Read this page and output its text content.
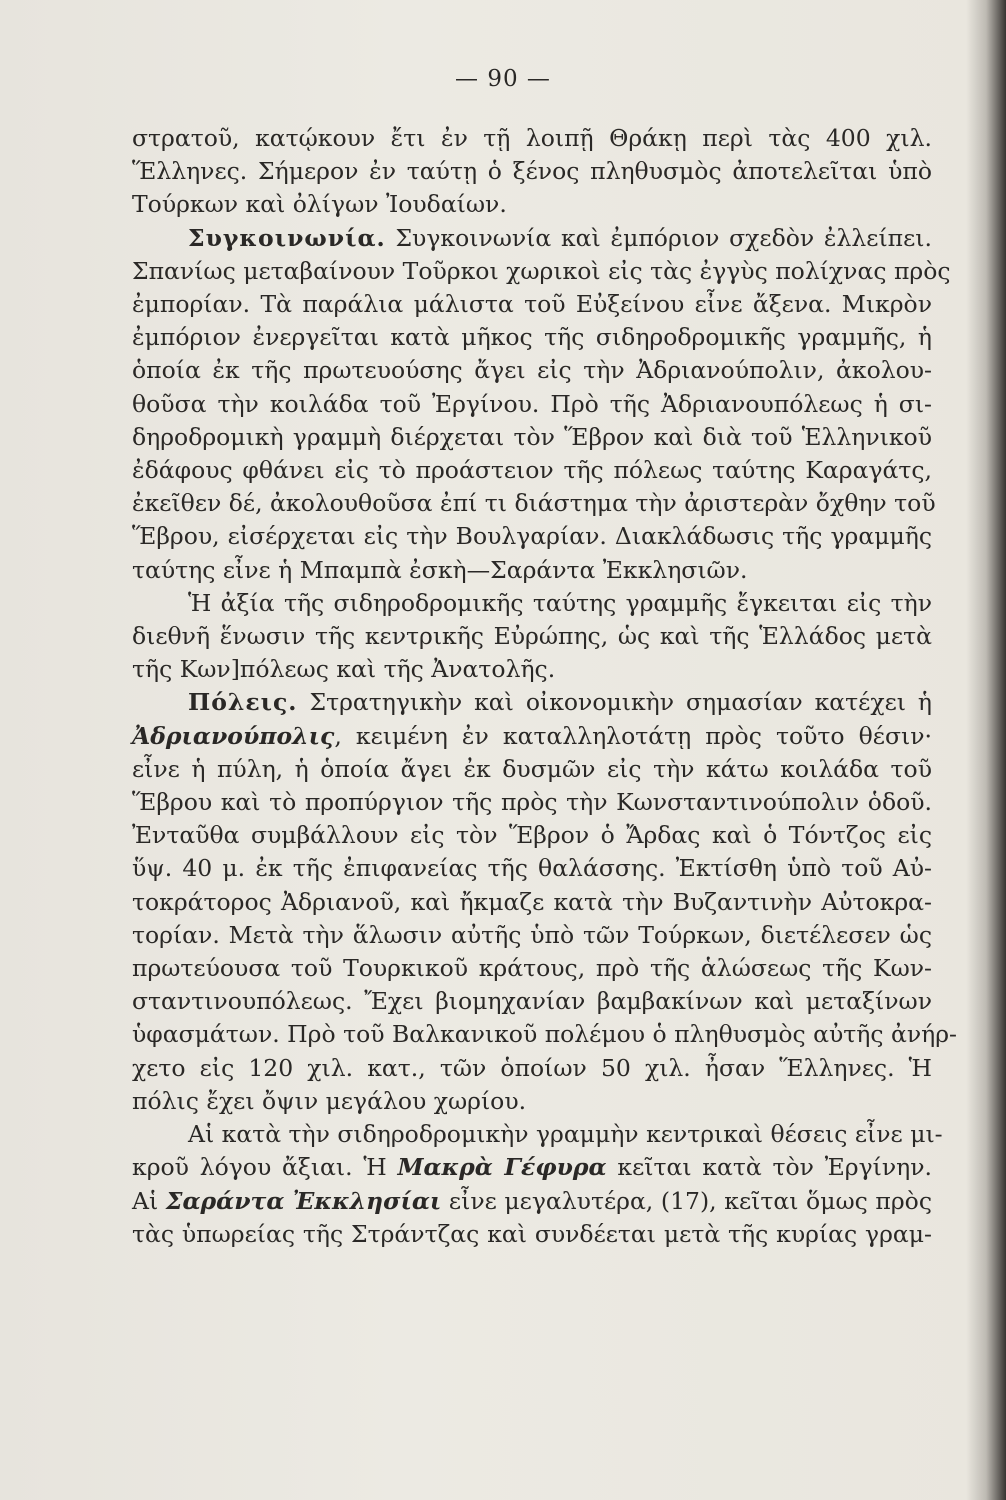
— 90 —
στρατοῦ, κατῴκουν ἔτι ἐν τῇ λοιπῇ Θράκῃ περὶ τὰς 400 χιλ.
Ἕλληνες. Σήμερον ἐν ταύτῃ ὁ ξένος πληθυσμὸς ἀποτελεῖται ὑπὸ
Τούρκων καὶ ὀλίγων Ἰουδαίων.
Συγκοινωνία. Συγκοινωνία καὶ ἐμπόριον σχεδὸν ἐλλείπει.
Σπανίως μεταβαίνουν Τοῦρκοι χωρικοὶ εἰς τὰς ἐγγὺς πολίχνας πρὸς
ἐμπορίαν. Τὰ παράλια μάλιστα τοῦ Εὐξείνου εἶνε ἄξενα. Μικρὸν
ἐμπόριον ἐνεργεῖται κατὰ μῆκος τῆς σιδηροδρομικῆς γραμμῆς, ἡ
ὁποία ἐκ τῆς πρωτευούσης ἄγει εἰς τὴν Ἀδριανούπολιν, ἀκολου-
θοῦσα τὴν κοιλάδα τοῦ Ἐργίνου. Πρὸ τῆς Ἀδριανουπόλεως ἡ σι-
δηροδρομικὴ γραμμὴ διέρχεται τὸν Ἕβρον καὶ διὰ τοῦ Ἑλληνικοῦ
ἐδάφους φθάνει εἰς τὸ προάστειον τῆς πόλεως ταύτης Καραγάτς,
ἐκεῖθεν δέ, ἀκολουθοῦσα ἐπί τι διάστημα τὴν ἀριστερὰν ὄχθην τοῦ
Ἕβρου, εἰσέρχεται εἰς τὴν Βουλγαρίαν. Διακλάδωσις τῆς γραμμῆς
ταύτης εἶνε ἡ Μπαμπὰ ἐσκὴ—Σαράντα Ἐκκλησιῶν.
Ἡ ἀξία τῆς σιδηροδρομικῆς ταύτης γραμμῆς ἔγκειται εἰς τὴν
διεθνῆ ἕνωσιν τῆς κεντρικῆς Εὐρώπης, ὡς καὶ τῆς Ἑλλάδος μετὰ
τῆς Κων]πόλεως καὶ τῆς Ἀνατολῆς.
Πόλεις. Στρατηγικὴν καὶ οἰκονομικὴν σημασίαν κατέχει ἡ
Ἀδριανούπολις, κειμένη ἐν καταλληλοτάτῃ πρὸς τοῦτο θέσιν·
εἶνε ἡ πύλη, ἡ ὁποία ἄγει ἐκ δυσμῶν εἰς τὴν κάτω κοιλάδα τοῦ
Ἕβρου καὶ τὸ προπύργιον τῆς πρὸς τὴν Κωνσταντινούπολιν ὁδοῦ.
Ἐνταῦθα συμβάλλουν εἰς τὸν Ἕβρον ὁ Ἄρδας καὶ ὁ Τόντζος εἰς
ὕψ. 40 μ. ἐκ τῆς ἐπιφανείας τῆς θαλάσσης. Ἐκτίσθη ὑπὸ τοῦ Αὐ-
τοκράτορος Ἀδριανοῦ, καὶ ἤκμαζε κατὰ τὴν Βυζαντινὴν Αὐτοκρα-
τορίαν. Μετὰ τὴν ἅλωσιν αὐτῆς ὑπὸ τῶν Τούρκων, διετέλεσεν ὡς
πρωτεύουσα τοῦ Τουρκικοῦ κράτους, πρὸ τῆς ἁλώσεως τῆς Κων-
σταντινουπόλεως. Ἔχει βιομηχανίαν βαμβακίνων καὶ μεταξίνων
ὑφασμάτων. Πρὸ τοῦ Βαλκανικοῦ πολέμου ὁ πληθυσμὸς αὐτῆς ἀνήρ-
χετο εἰς 120 χιλ. κατ., τῶν ὁποίων 50 χιλ. ἦσαν Ἕλληνες. Ἡ
πόλις ἔχει ὄψιν μεγάλου χωρίου.
Αἱ κατὰ τὴν σιδηροδρομικὴν γραμμὴν κεντρικαὶ θέσεις εἶνε μι-
κροῦ λόγου ἄξιαι. Ἡ Μακρὰ Γέφυρα κεῖται κατὰ τὸν Ἐργίνην.
Αἱ Σαράντα Ἐκκλησίαι εἶνε μεγαλυτέρα, (17), κεῖται ὅμως πρὸς
τὰς ὑπωρείας τῆς Στράντζας καὶ συνδέεται μετὰ τῆς κυρίας γραμ-
